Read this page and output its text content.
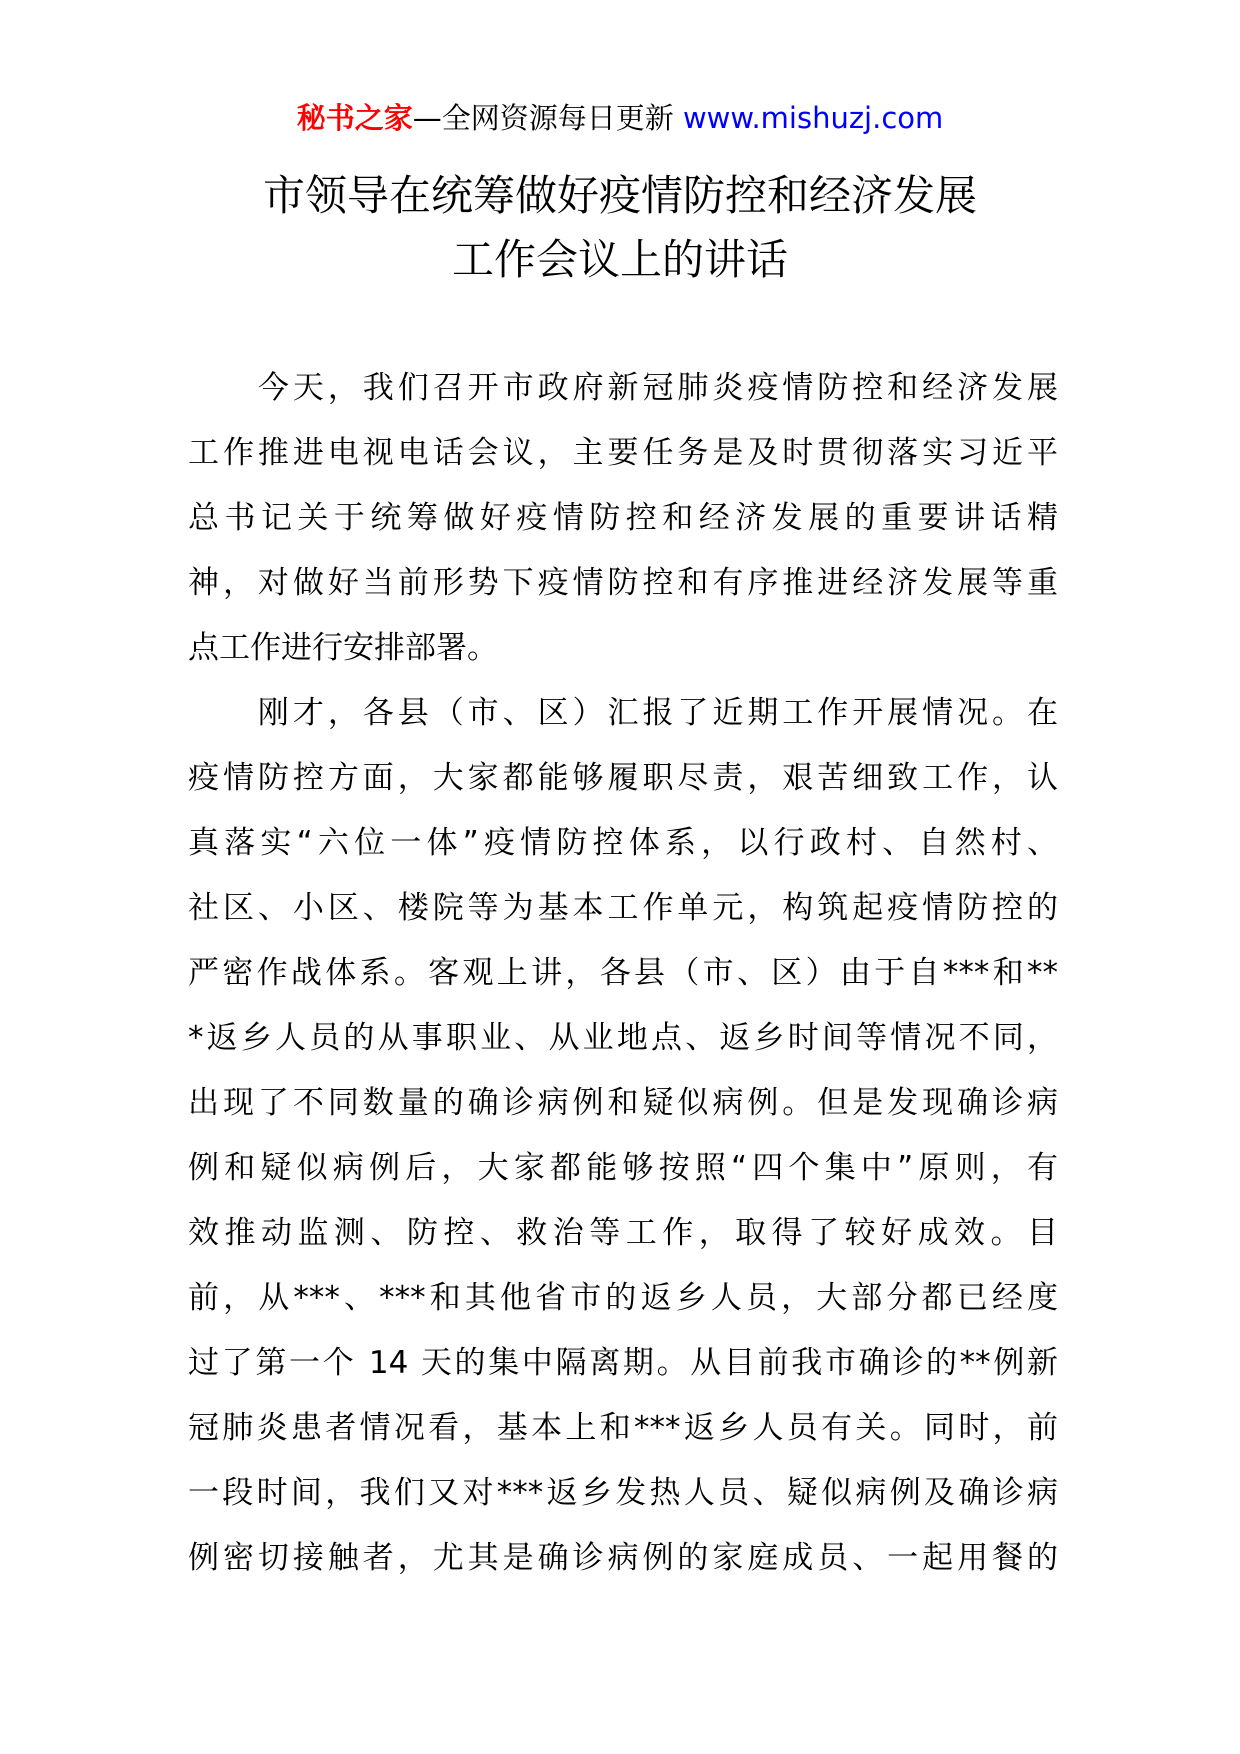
秘书之家—全网资源每日更新 www.mishuzj.com
市领导在统筹做好疫情防控和经济发展
工作会议上的讲话
　　今天，我们召开市政府新冠肺炎疫情防控和经济发展
工作推进电视电话会议，主要任务是及时贯彻落实习近平
总书记关于统筹做好疫情防控和经济发展的重要讲话精
神，对做好当前形势下疫情防控和有序推进经济发展等重
点工作进行安排部署。
　　刚才，各县（市、区）汇报了近期工作开展情况。在
疫情防控方面，大家都能够履职尽责，艰苦细致工作，认
真落实“六位一体”疫情防控体系，以行政村、自然村、
社区、小区、楼院等为基本工作单元，构筑起疫情防控的
严密作战体系。客观上讲，各县（市、区）由于自***和**
*返乡人员的从事职业、从业地点、返乡时间等情况不同，
出现了不同数量的确诊病例和疑似病例。但是发现确诊病
例和疑似病例后，大家都能够按照“四个集中”原则，有
效推动监测、防控、救治等工作，取得了较好成效。目
前，从***、***和其他省市的返乡人员，大部分都已经度
过了第一个 14 天的集中隔离期。从目前我市确诊的**例新
冠肺炎患者情况看，基本上和***返乡人员有关。同时，前
一段时间，我们又对***返乡发热人员、疑似病例及确诊病
例密切接触者，尤其是确诊病例的家庭成员、一起用餐的
